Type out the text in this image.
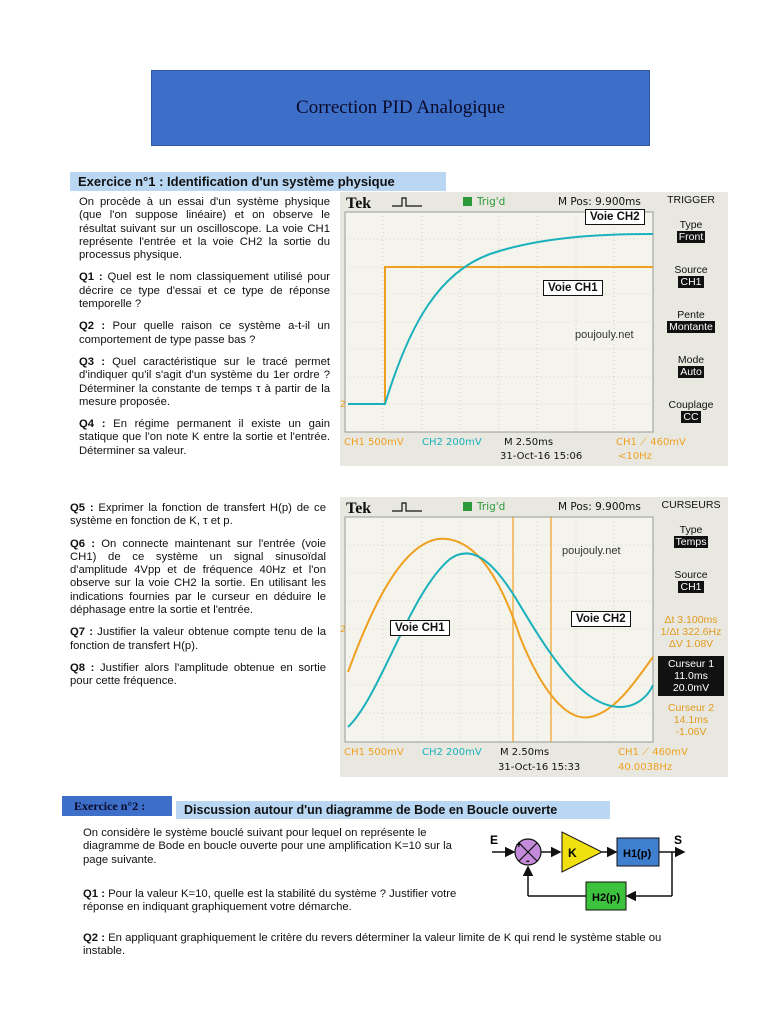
Correction PID Analogique
Exercice n°1 : Identification d'un système physique

On procède à un essai d'un système physique (que l'on suppose linéaire) et on observe le résultat suivant sur un oscilloscope. La voie CH1 représente l'entrée et la voie CH2 la sortie du processus physique.

Q1 : Quel est le nom classiquement utilisé pour décrire ce type d'essai et ce type de réponse temporelle ?

Q2 : Pour quelle raison ce système a-t-il un comportement de type passe bas ?

Q3 : Quel caractéristique sur le tracé permet d'indiquer qu'il s'agit d'un système du 1er ordre ? Déterminer la constante de temps τ à partir de la mesure proposée.

Q4 : En régime permanent il existe un gain statique que l'on note K entre la sortie et l'entrée. Déterminer sa valeur.

Tek	Trig'd	M Pos: 9.900ms
2
CH1 500mV CH2 200mV M 2.50ms	CH1 ⟋ 460mV
31-Oct-16 15:06	<10Hz
Voie CH2
Voie CH1
poujouly.net
TRIGGER
Type
Front
Source
CH1
Pente
Montante
Mode
Auto
Couplage
CC

Q5 : Exprimer la fonction de transfert H(p) de ce système en fonction de K, τ et p.

Q6 : On connecte maintenant sur l'entrée (voie CH1) de ce système un signal sinusoïdal d'amplitude 4Vpp et de fréquence 40Hz et l'on observe sur la voie CH2 la sortie. En utilisant les indications fournies par le curseur en déduire le déphasage entre la sortie et l'entrée.

Q7 : Justifier la valeur obtenue compte tenu de la fonction de transfert H(p).

Q8 : Justifier alors l'amplitude obtenue en sortie pour cette fréquence.

Tek	Trig'd	M Pos: 9.900ms
2
CH1 500mV CH2 200mV M 2.50ms	CH1 ⟋ 460mV
31-Oct-16 15:33	40.0038Hz
poujouly.net
Voie CH1
Voie CH2
CURSEURS
Type
Temps
Source
CH1
Δt 3.100ms
1/Δt 322.6Hz
ΔV 1.08V
Curseur 1
11.0ms
20.0mV
Curseur 2
14.1ms
-1.06V
Exercice n°2 :	Discussion autour d'un diagramme de Bode en Boucle ouverte
On considère le système bouclé suivant pour lequel on représente le diagramme de Bode en boucle ouverte pour une amplification K=10 sur la page suivante.
Q1 : Pour la valeur K=10, quelle est la stabilité du système ? Justifier votre réponse en indiquant graphiquement votre démarche.
Q2 : En appliquant graphiquement le critère du revers déterminer la valeur limite de K qui rend le système stable ou instable.
E +
-
K	H1(p)
S
H2(p)
